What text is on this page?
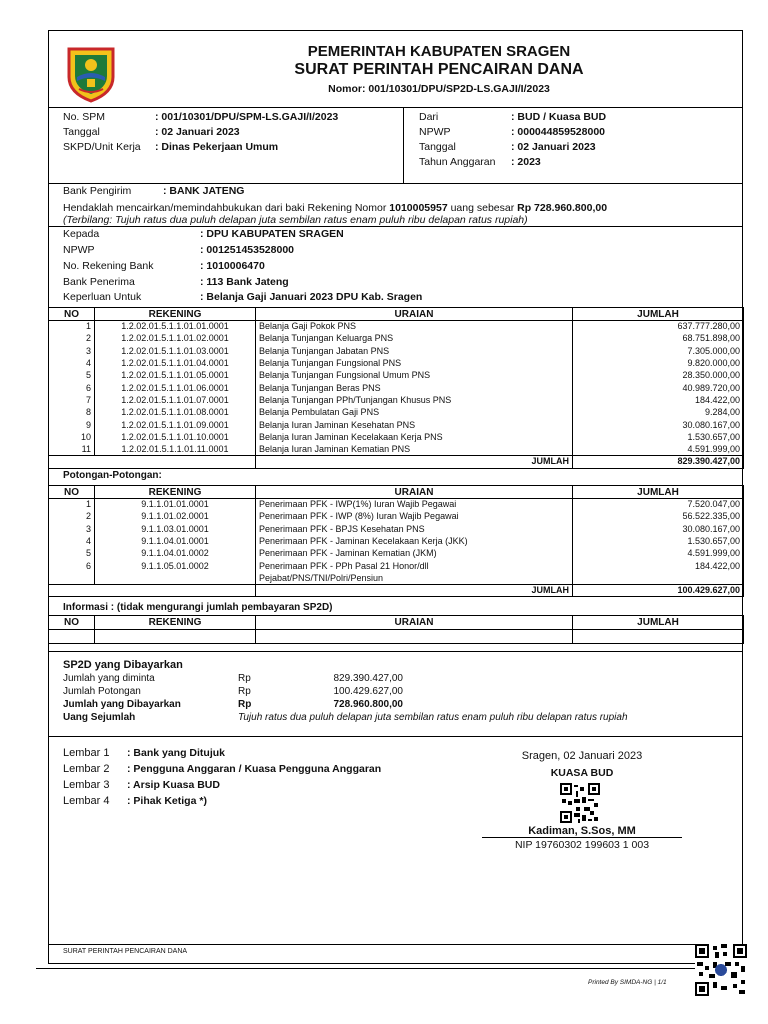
PEMERINTAH KABUPATEN SRAGEN
SURAT PERINTAH PENCAIRAN DANA
Nomor: 001/10301/DPU/SP2D-LS.GAJI/I/2023
No. SPM	: 001/10301/DPU/SPM-LS.GAJI/I/2023
Tanggal	: 02 Januari 2023
SKPD/Unit Kerja : Dinas Pekerjaan Umum
Dari	: BUD / Kuasa BUD
NPWP	: 000044859528000
Tanggal	: 02 Januari 2023
Tahun Anggaran : 2023
Bank Pengirim	: BANK JATENG
Hendaklah mencairkan/memindahbukukan dari baki Rekening Nomor 1010005957 uang sebesar Rp 728.960.800,00
(Terbilang: Tujuh ratus dua puluh delapan juta sembilan ratus enam puluh ribu delapan ratus rupiah)
Kepada	: DPU KABUPATEN SRAGEN
NPWP	: 001251453528000
No. Rekening Bank	: 1010006470
Bank Penerima	: 113 Bank Jateng
Keperluan Untuk	: Belanja Gaji Januari 2023 DPU Kab. Sragen
NO	REKENING	URAIAN	JUMLAH
1	1.2.02.01.5.1.1.01.01.0001	Belanja Gaji Pokok PNS	637.777.280,00
2	1.2.02.01.5.1.1.01.02.0001	Belanja Tunjangan Keluarga PNS	68.751.898,00
3	1.2.02.01.5.1.1.01.03.0001	Belanja Tunjangan Jabatan PNS	7.305.000,00
4	1.2.02.01.5.1.1.01.04.0001	Belanja Tunjangan Fungsional PNS	9.820.000,00
5	1.2.02.01.5.1.1.01.05.0001	Belanja Tunjangan Fungsional Umum PNS	28.350.000,00
6	1.2.02.01.5.1.1.01.06.0001	Belanja Tunjangan Beras PNS	40.989.720,00
7	1.2.02.01.5.1.1.01.07.0001	Belanja Tunjangan PPh/Tunjangan Khusus PNS	184.422,00
8	1.2.02.01.5.1.1.01.08.0001	Belanja Pembulatan Gaji PNS	9.284,00
9	1.2.02.01.5.1.1.01.09.0001	Belanja Iuran Jaminan Kesehatan PNS	30.080.167,00
10	1.2.02.01.5.1.1.01.10.0001	Belanja Iuran Jaminan Kecelakaan Kerja PNS	1.530.657,00
11	1.2.02.01.5.1.1.01.11.0001	Belanja Iuran Jaminan Kematian PNS	4.591.999,00
		JUMLAH	829.390.427,00
Potongan-Potongan:
NO	REKENING	URAIAN	JUMLAH
1	9.1.1.01.01.0001	Penerimaan PFK - IWP(1%) Iuran Wajib Pegawai	7.520.047,00
2	9.1.1.01.02.0001	Penerimaan PFK - IWP (8%) Iuran Wajib Pegawai	56.522.335,00
3	9.1.1.03.01.0001	Penerimaan PFK - BPJS Kesehatan PNS	30.080.167,00
4	9.1.1.04.01.0001	Penerimaan PFK - Jaminan Kecelakaan Kerja (JKK)	1.530.657,00
5	9.1.1.04.01.0002	Penerimaan PFK - Jaminan Kematian (JKM)	4.591.999,00
6	9.1.1.05.01.0002	Penerimaan PFK - PPh Pasal 21 Honor/dll	184.422,00
		Pejabat/PNS/TNI/Polri/Pensiun	
		JUMLAH	100.429.627,00
Informasi : (tidak mengurangi jumlah pembayaran SP2D)
NO	REKENING	URAIAN	JUMLAH

SP2D yang Dibayarkan
Jumlah yang diminta	Rp	829.390.427,00
Jumlah Potongan	Rp	100.429.627,00
Jumlah yang Dibayarkan	Rp	728.960.800,00
Uang Sejumlah	Tujuh ratus dua puluh delapan juta sembilan ratus enam puluh ribu delapan ratus rupiah
Lembar 1 : Bank yang Ditujuk
Lembar 2 : Pengguna Anggaran / Kuasa Pengguna Anggaran
Lembar 3 : Arsip Kuasa BUD
Lembar 4 : Pihak Ketiga *)
Sragen, 02 Januari 2023
KUASA BUD
Kadiman, S.Sos, MM
NIP 19760302 199603 1 003
SURAT PERINTAH PENCAIRAN DANA
Printed By SIMDA-NG | 1/1
